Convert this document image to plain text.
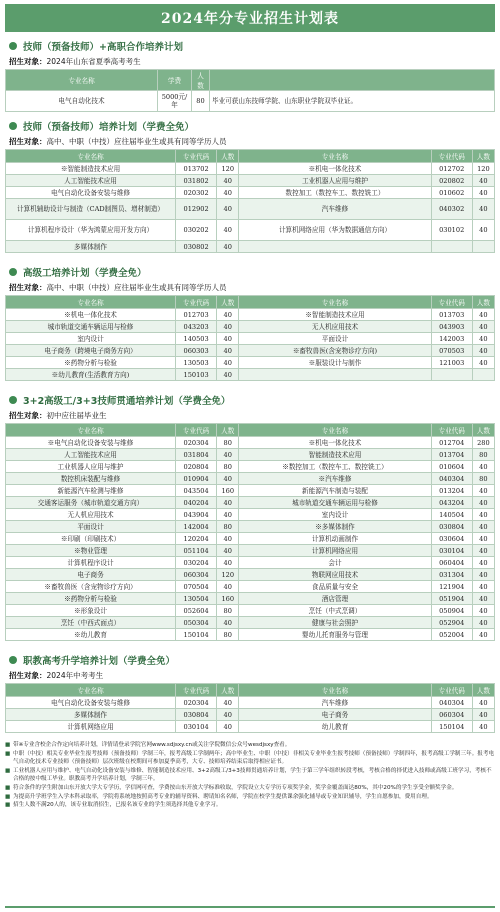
2024年分专业招生计划表
技师（预备技师）+高职合作培养计划
招生对象：2024年山东省夏季高考考生
专业名称	学费	人数	
电气自动化技术	5000元/年	80	毕业可获山东技师学院、山东职业学院双毕业证。
技师（预备技师）培养计划（学费全免）
招生对象：高中、中职（中技）应往届毕业生或具有同等学历人员
专业名称	专业代码	人数	专业名称	专业代码	人数
※智能制造技术应用	013702	120	※机电一体化技术	012702	120
人工智能技术应用	031802	40	工业机器人应用与维护	020802	40
电气自动化设备安装与维修	020302	40	数控加工（数控车工、数控铣工）	010602	40
计算机辅助设计与制造（CAD制图员、增材制造）	012902	40	汽车维修	040302	40
计算机程序设计（华为鸿蒙应用开发方向）	030202	40	计算机网络应用（华为数据通信方向）	030102	40
多媒体制作	030802	40			
高级工培养计划（学费全免）
招生对象：高中、中职（中技）应往届毕业生或具有同等学历人员
专业名称	专业代码	人数	专业名称	专业代码	人数
※机电一体化技术	012703	40	※智能制造技术应用	013703	40
城市轨道交通车辆运用与检修	043203	40	无人机应用技术	043903	40
室内设计	140503	40	平面设计	142003	40
电子商务（跨境电子商务方向）	060303	40	※畜牧兽医(含宠物诊疗方向)	070503	40
※药物分析与检验	130503	40	※服装设计与制作	121003	40
※幼儿教育(生活教育方向)	150103	40			
3+2高级工/3+3技师贯通培养计划（学费全免）
招生对象：初中应往届毕业生
专业名称	专业代码	人数	专业名称	专业代码	人数
※电气自动化设备安装与维修	020304	80	※机电一体化技术	012704	280
人工智能技术应用	031804	40	智能制造技术应用	013704	80
工业机器人应用与维护	020804	80	※数控加工（数控车工、数控铣工）	010604	40
数控机床装配与维修	010904	40	※汽车维修	040304	80
新能源汽车检测与维修	043504	160	新能源汽车制造与装配	013204	40
交通客运服务（城市轨道交通方向）	040204	40	城市轨道交通车辆运用与检修	043204	40
无人机应用技术	043904	40	室内设计	140504	40
平面设计	142004	80	※多媒体制作	030804	40
※印刷（印刷技术）	120204	40	计算机动画制作	030604	40
※物业管理	051104	40	计算机网络应用	030104	40
计算机程序设计	030204	40	会计	060404	40
电子商务	060304	120	物联网应用技术	031304	40
※畜牧兽医（含宠物诊疗方向）	070504	40	食品质量与安全	121904	40
※药物分析与检验	130504	160	酒店管理	051904	40
※形象设计	052604	80	烹饪（中式烹调）	050904	40
烹饪（中西式面点）	050304	40	健康与社会照护	052904	40
※幼儿教育	150104	80	婴幼儿托育服务与管理	052004	40
职教高考升学培养计划（学费全免）
招生对象：2024年中考考生
专业名称	专业代码	人数	专业名称	专业代码	人数
电气自动化设备安装与维修	020304	40	汽车维修	040304	40
多媒体制作	030804	40	电子商务	060304	40
计算机网络应用	030104	40	幼儿教育	150104	40
■ 带※专业含校企合作定向培养计划，详情请登录学院官网www.sdjsxy.cn或关注学院微信公众号wesdjsxy查看。
■ 中职（中技）相关专业毕业生报考技师（预备技师）学制三年，报考高级工学制两年；高中毕业生、中职（中技）非相关专业毕业生报考技师（预备技师）学制四年，报考高级工学制三年。报考电气自动化技术专业技师（预备技师）层次班级在校期间可参加夏季高考，大专、技师培养结束后取得相应证书。
■ 工业机器人应用与维护、电气自动化设备安装与维修、智能制造技术应用、3+2高级工/3+3技师贯通培养计划，学生于第三学年组织转段考核，考核合格的择优进入技师或高级工班学习，考核不合格的按中级工毕业。职教高考升学培养计划，学制三年。
■ 符合条件的学生附加山东开放大学大专学历，学信网可查，学费按山东开放大学标准收取，学院设立大专学历专项奖学金，奖学金覆盖面达80%，其中20%的学生享受全额奖学金。
■ 为提高升学班学生入学本科录取率，学院将系统地按照高考专业的辅导资料、聘请知名名师，学院在校学生提供课余强化辅导或专业知识辅导，学生自愿参加，费用自理。
■ 招生人数不满20人的，该专业取消招生，已报名该专业的学生须选择其他专业学习。
